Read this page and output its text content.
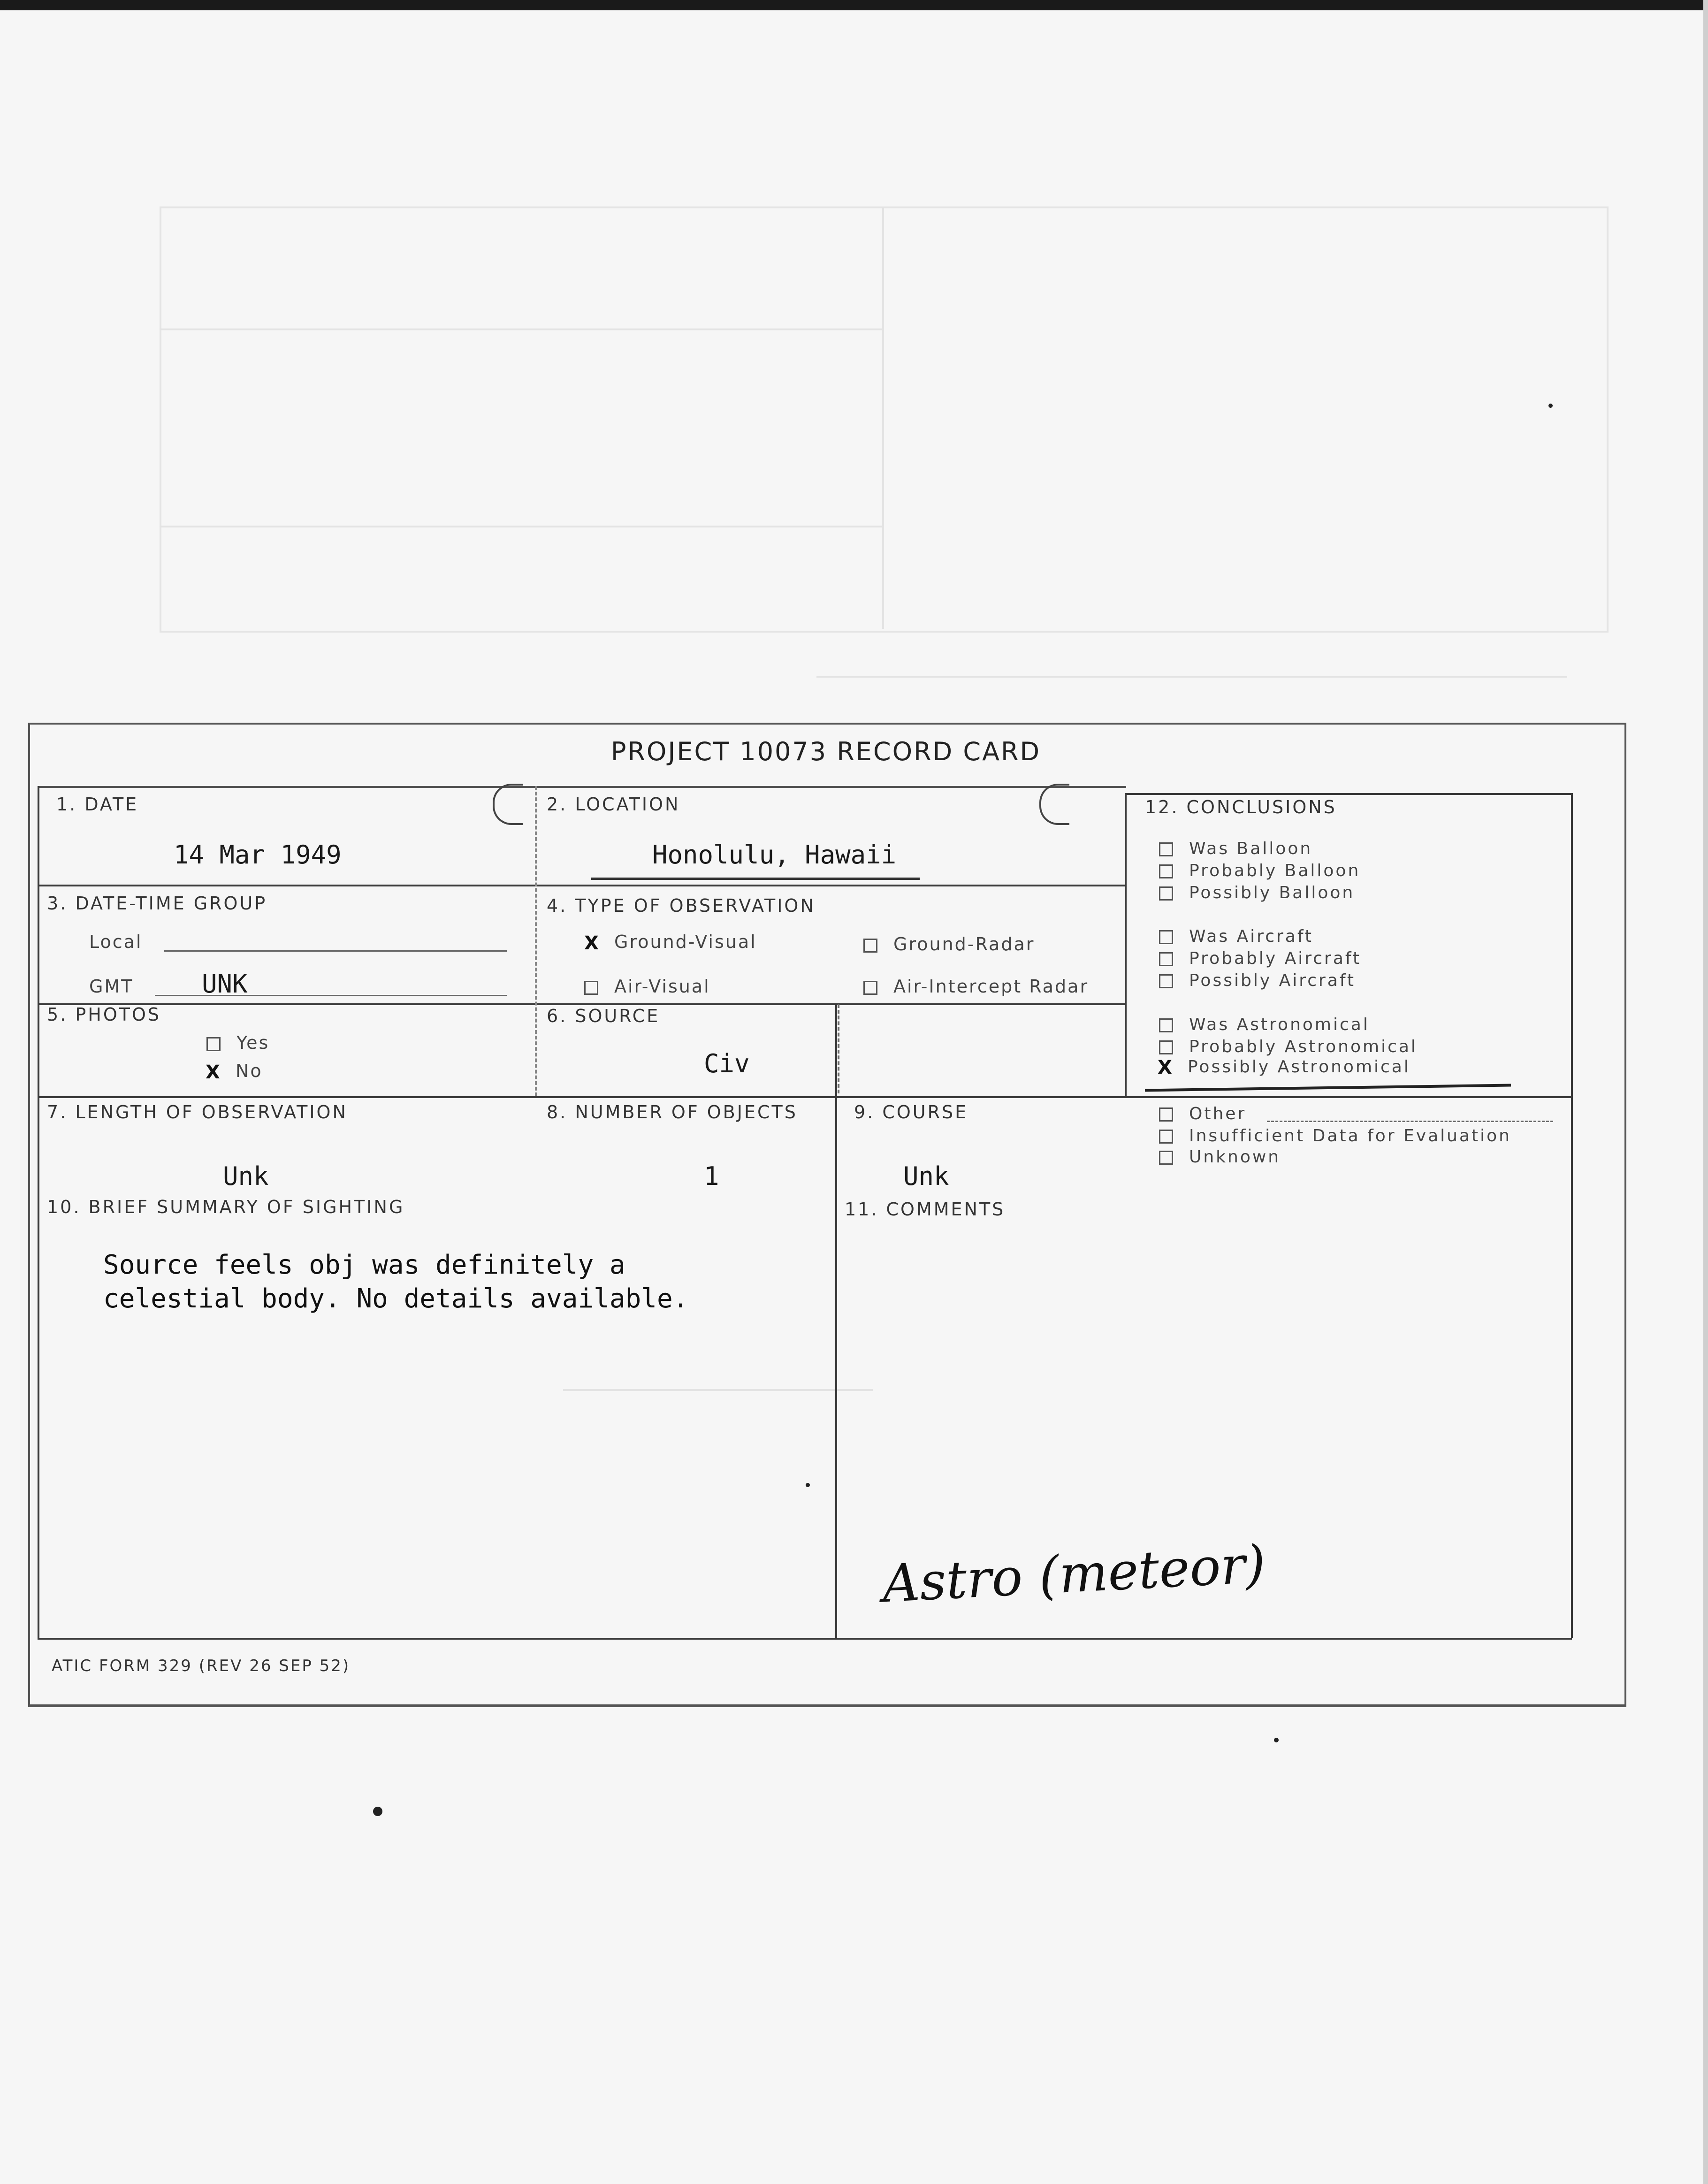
PROJECT 10073 RECORD CARD
1. DATE
14 Mar 1949
2. LOCATION
Honolulu, Hawaii
3. DATE-TIME GROUP
Local
GMT	UNK
4. TYPE OF OBSERVATION
X Ground-Visual	Ground-Radar
Air-Visual	Air-Intercept Radar
5. PHOTOS
Yes
X No
6. SOURCE
Civ
7. LENGTH OF OBSERVATION
Unk
8. NUMBER OF OBJECTS
1
9. COURSE
Unk
10. BRIEF SUMMARY OF SIGHTING
Source feels obj was definitely a
celestial body. No details available.
11. COMMENTS
Astro (meteor)
12. CONCLUSIONS
Was Balloon
Probably Balloon
Possibly Balloon
Was Aircraft
Probably Aircraft
Possibly Aircraft
Was Astronomical
Probably Astronomical
X Possibly Astronomical
Other
Insufficient Data for Evaluation
Unknown
ATIC FORM 329 (REV 26 SEP 52)
